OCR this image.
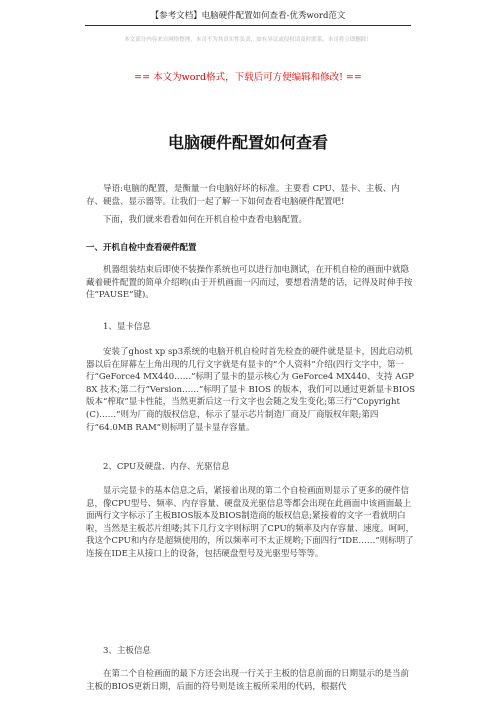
【参考文档】电脑硬件配置如何查看-优秀word范文
本文部分内容来自网络整理，本司不为其真实性负责，如有异议或侵权请及时联系，本司将立即删除！
== 本文为word格式，下载后可方便编辑和修改! ==
电脑硬件配置如何查看

导语:电脑的配置，是衡量一台电脑好坏的标准。主要看 CPU、显卡、主板、内存、硬盘、显示器等。让我们一起了解一下如何查看电脑硬件配置吧!

下面，我们就来看看如何在开机自检中查看电脑配置。

一、开机自检中查看硬件配置

机器组装结束后即使不装操作系统也可以进行加电测试，在开机自检的画面中就隐藏着硬件配置的简单介绍哟(由于开机画面一闪而过，要想看清楚的话，记得及时伸手按住“PAUSE”键)。

1、显卡信息

安装了ghost xp sp3系统的电脑开机自检时首先检查的硬件就是显卡，因此启动机器以后在屏幕左上角出现的几行文字就是有显卡的“个人资料”介绍(四行文字中，第一行“GeForce4 MX440……”标明了显卡的显示核心为 GeForce4 MX440、支持 AGP 8X 技术;第二行“Version……”标明了显卡 BIOS 的版本，我们可以通过更新显卡BIOS版本“榨取”显卡性能，当然更新后这一行文字也会随之发生变化;第三行“Copyright (C)……”则为厂商的版权信息，标示了显示芯片制造厂商及厂商版权年限;第四行“64.0MB RAM”则标明了显卡显存容量。

2、CPU及硬盘、内存、光驱信息

显示完显卡的基本信息之后，紧接着出现的第二个自检画面则显示了更多的硬件信息，像CPU型号、频率、内存容量、硬盘及光驱信息等都会出现在此画面中该画面最上面两行文字标示了主板BIOS版本及BIOS制造商的版权信息;紧接着的文字一看就明白啦，当然是主板芯片组喽;其下几行文字则标明了CPU的频率及内存容量、速度。呵呵，我这个CPU和内存是超频使用的，所以频率可不太正规哟;下面四行“IDE……”则标明了连接在IDE主从接口上的设备，包括硬盘型号及光驱型号等等。

3、主板信息

在第二个自检画面的最下方还会出现一行关于主板的信息前面的日期显示的是当前主板的BIOS更新日期，后面的符号则是该主板所采用的代码，根据代
